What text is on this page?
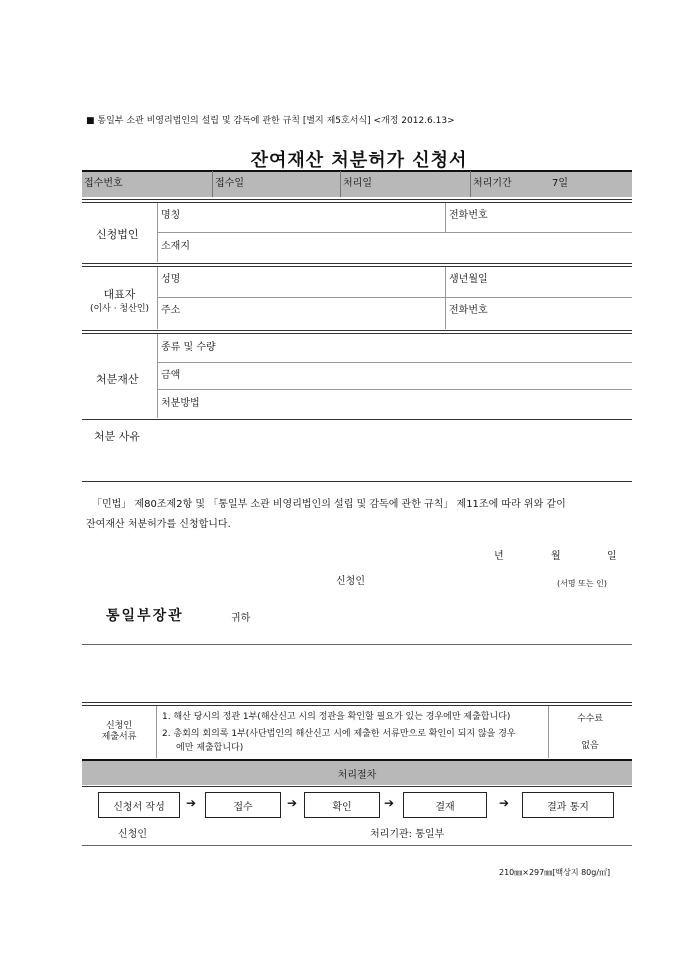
■ 통일부 소관 비영리법인의 설립 및 감독에 관한 규칙 [별지 제5호서식] <개정 2012.6.13>
잔여재산 처분허가 신청서
접수번호	접수일	처리일	처리기간	7일
신청법인
명칭	전화번호
소재지
대표자
(이사 · 청산인)
성명	생년월일
주소	전화번호
처분재산
종류 및 수량
금액
처분방법
처분 사유
「민법」 제80조제2항 및 「통일부 소관 비영리법인의 설립 및 감독에 관한 규칙」 제11조에 따라 위와 같이
잔여재산 처분허가를 신청합니다.
년	월	일
신청인	(서명 또는 인)
통일부장관	귀하
신청인
제출서류
1. 해산 당시의 정관 1부(해산신고 시의 정관을 확인할 필요가 있는 경우에만 제출합니다)
2. 총회의 회의록 1부(사단법인의 해산신고 시에 제출한 서류만으로 확인이 되지 않을 경우
에만 제출합니다)
수수료
없음
처리절차
신청서 작성	➔	접수	➔	확인	➔	결재	➔	결과 통지
신청인	처리기관: 통일부
210㎜×297㎜[백상지 80g/㎡]
